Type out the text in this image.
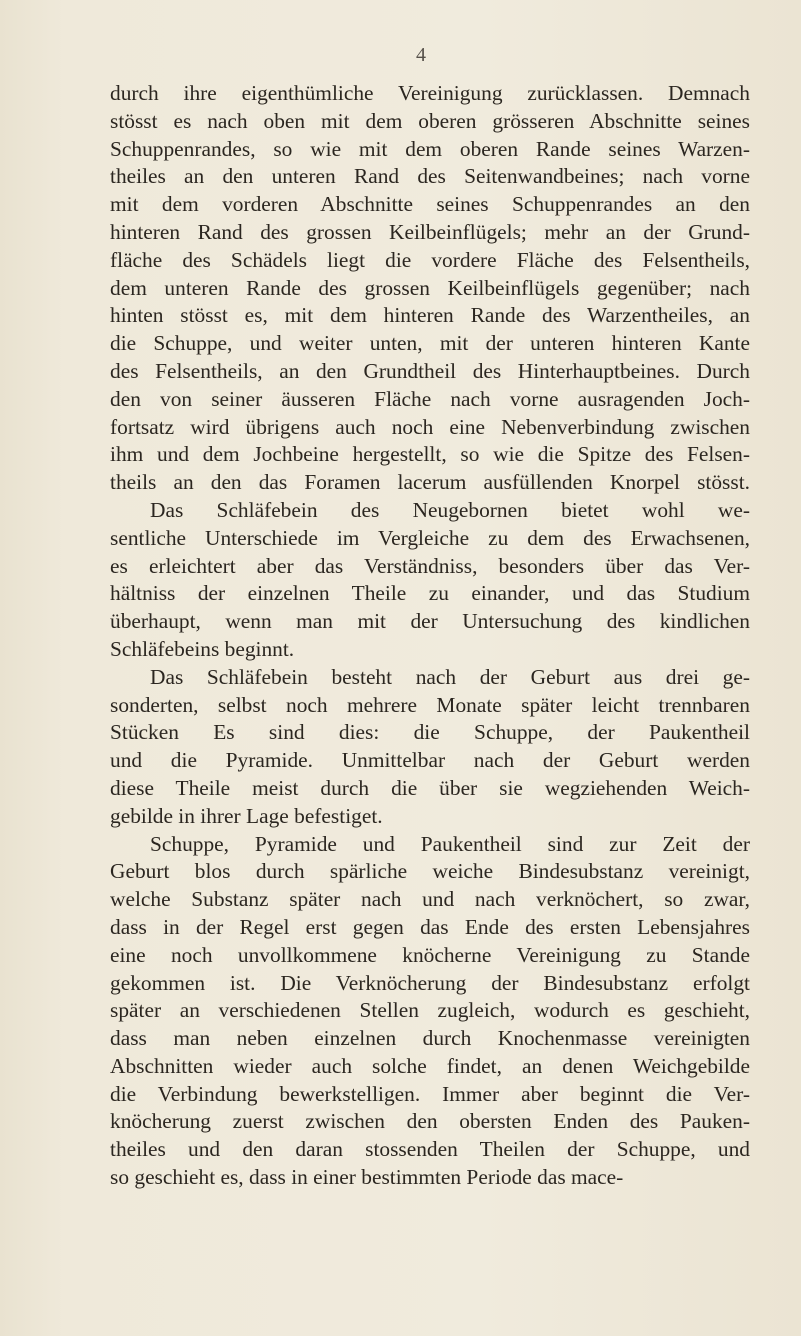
4
durch ihre eigenthümliche Vereinigung zurücklassen. Demnach
stösst es nach oben mit dem oberen grösseren Abschnitte seines
Schuppenrandes, so wie mit dem oberen Rande seines Warzen-
theiles an den unteren Rand des Seitenwandbeines; nach vorne
mit dem vorderen Abschnitte seines Schuppenrandes an den
hinteren Rand des grossen Keilbeinflügels; mehr an der Grund-
fläche des Schädels liegt die vordere Fläche des Felsentheils,
dem unteren Rande des grossen Keilbeinflügels gegenüber; nach
hinten stösst es, mit dem hinteren Rande des Warzentheiles, an
die Schuppe, und weiter unten, mit der unteren hinteren Kante
des Felsentheils, an den Grundtheil des Hinterhauptbeines. Durch
den von seiner äusseren Fläche nach vorne ausragenden Joch-
fortsatz wird übrigens auch noch eine Nebenverbindung zwischen
ihm und dem Jochbeine hergestellt, so wie die Spitze des Felsen-
theils an den das Foramen lacerum ausfüllenden Knorpel stösst.
Das Schläfebein des Neugebornen bietet wohl we-
sentliche Unterschiede im Vergleiche zu dem des Erwachsenen,
es erleichtert aber das Verständniss, besonders über das Ver-
hältniss der einzelnen Theile zu einander, und das Studium
überhaupt, wenn man mit der Untersuchung des kindlichen
Schläfebeins beginnt.
Das Schläfebein besteht nach der Geburt aus drei ge-
sonderten, selbst noch mehrere Monate später leicht trennbaren
Stücken Es sind dies: die Schuppe, der Paukentheil
und die Pyramide. Unmittelbar nach der Geburt werden
diese Theile meist durch die über sie wegziehenden Weich-
gebilde in ihrer Lage befestiget.
Schuppe, Pyramide und Paukentheil sind zur Zeit der
Geburt blos durch spärliche weiche Bindesubstanz vereinigt,
welche Substanz später nach und nach verknöchert, so zwar,
dass in der Regel erst gegen das Ende des ersten Lebensjahres
eine noch unvollkommene knöcherne Vereinigung zu Stande
gekommen ist. Die Verknöcherung der Bindesubstanz erfolgt
später an verschiedenen Stellen zugleich, wodurch es geschieht,
dass man neben einzelnen durch Knochenmasse vereinigten
Abschnitten wieder auch solche findet, an denen Weichgebilde
die Verbindung bewerkstelligen. Immer aber beginnt die Ver-
knöcherung zuerst zwischen den obersten Enden des Pauken-
theiles und den daran stossenden Theilen der Schuppe, und
so geschieht es, dass in einer bestimmten Periode das mace-
